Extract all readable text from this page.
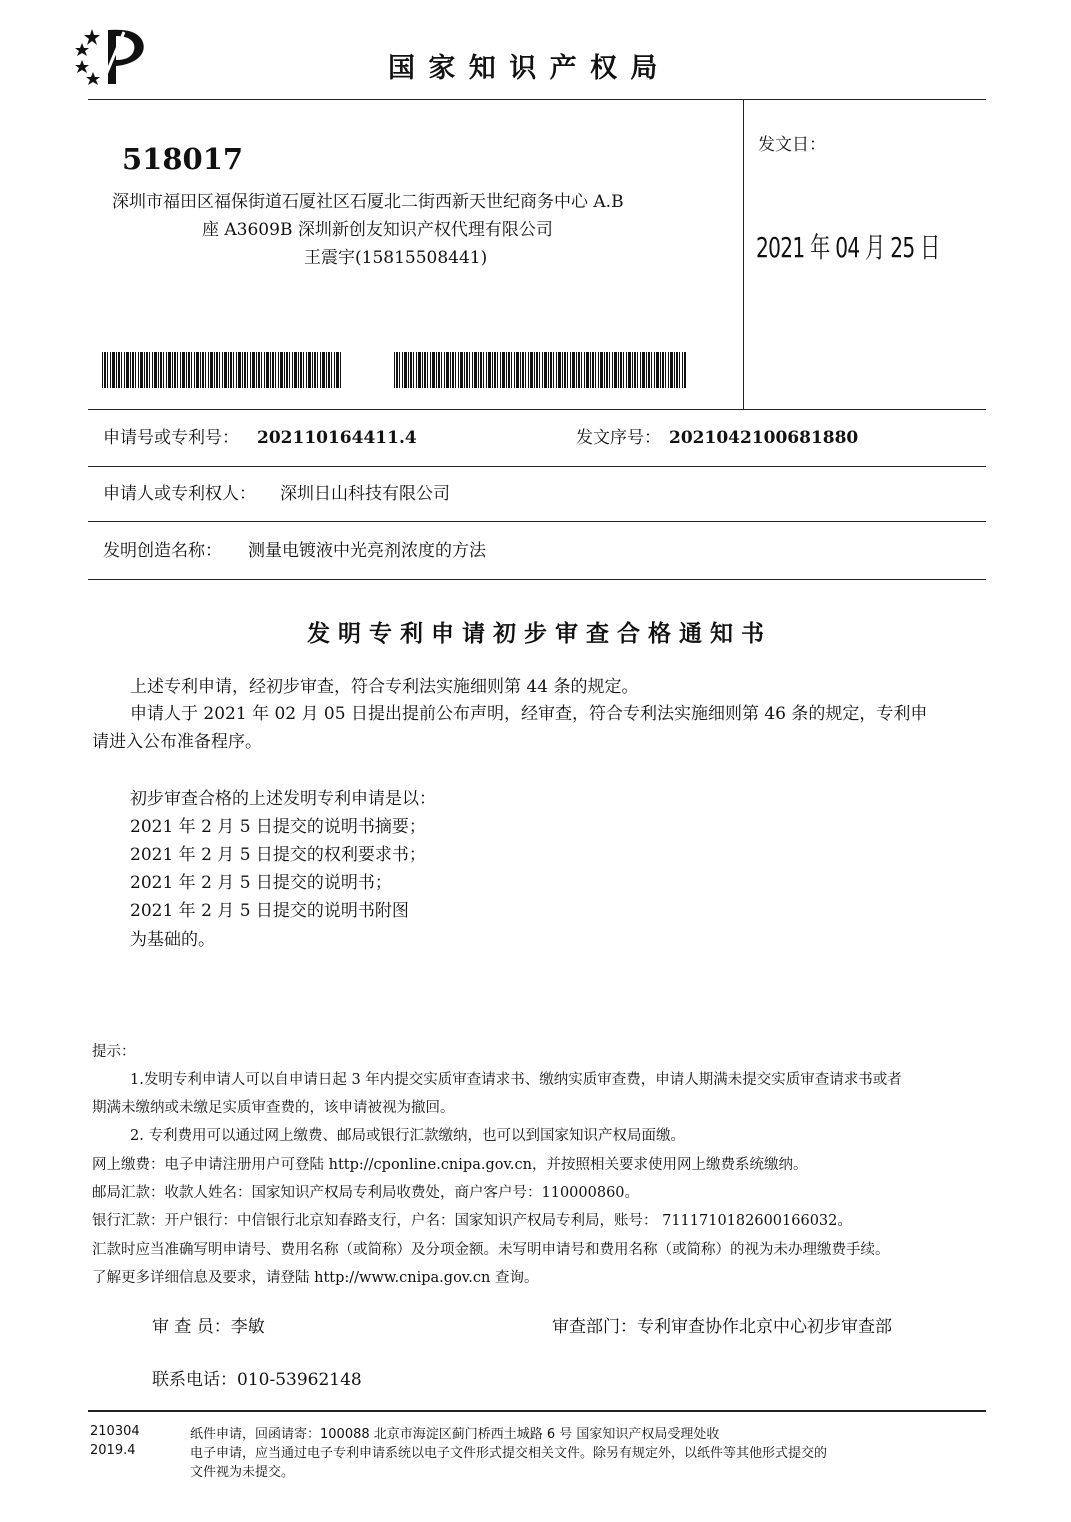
国 家 知 识 产 权 局
518017
深圳市福田区福保街道石厦社区石厦北二街西新天世纪商务中心 A.B
座 A3609B 深圳新创友知识产权代理有限公司
王震宇(15815508441)
发文日：
2021 年 04 月 25 日
申请号或专利号： 202110164411.4	发文序号： 2021042100681880
申请人或专利权人： 深圳日山科技有限公司
发明创造名称： 测量电镀液中光亮剂浓度的方法
发 明 专 利 申 请 初 步 审 查 合 格 通 知 书
上述专利申请，经初步审查，符合专利法实施细则第 44 条的规定。
申请人于 2021 年 02 月 05 日提出提前公布声明，经审查，符合专利法实施细则第 46 条的规定，专利申
请进入公布准备程序。
初步审查合格的上述发明专利申请是以：
2021 年 2 月 5 日提交的说明书摘要；
2021 年 2 月 5 日提交的权利要求书；
2021 年 2 月 5 日提交的说明书；
2021 年 2 月 5 日提交的说明书附图
为基础的。
提示：
1.发明专利申请人可以自申请日起 3 年内提交实质审查请求书、缴纳实质审查费，申请人期满未提交实质审查请求书或者
期满未缴纳或未缴足实质审查费的，该申请被视为撤回。
2. 专利费用可以通过网上缴费、邮局或银行汇款缴纳，也可以到国家知识产权局面缴。
网上缴费：电子申请注册用户可登陆 http://cponline.cnipa.gov.cn，并按照相关要求使用网上缴费系统缴纳。
邮局汇款：收款人姓名：国家知识产权局专利局收费处，商户客户号：110000860。
银行汇款：开户银行：中信银行北京知春路支行，户名：国家知识产权局专利局，账号： 7111710182600166032。
汇款时应当准确写明申请号、费用名称（或简称）及分项金额。未写明申请号和费用名称（或简称）的视为未办理缴费手续。
了解更多详细信息及要求，请登陆 http://www.cnipa.gov.cn 查询。
审 查 员：李敏	审查部门：专利审查协作北京中心初步审查部
联系电话：010-53962148
210304
2019.4
纸件申请，回函请寄：100088 北京市海淀区蓟门桥西土城路 6 号 国家知识产权局受理处收
电子申请，应当通过电子专利申请系统以电子文件形式提交相关文件。除另有规定外，以纸件等其他形式提交的
文件视为未提交。
